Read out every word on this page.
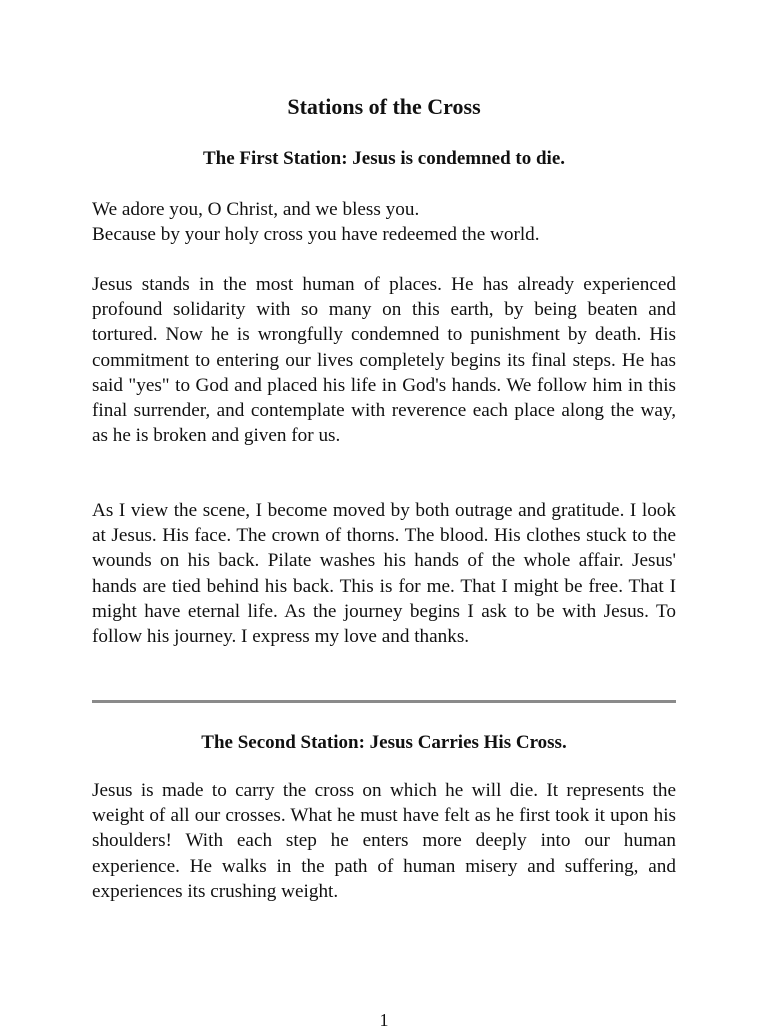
Stations of the Cross

The First Station: Jesus is condemned to die.

We adore you, O Christ, and we bless you.

Because by your holy cross you have redeemed the world.

Jesus stands in the most human of places. He has already experienced profound solidarity with so many on this earth, by being beaten and tortured. Now he is wrongfully condemned to punishment by death. His commitment to entering our lives completely begins its final steps. He has said "yes" to God and placed his life in God's hands. We follow him in this final surrender, and contemplate with reverence each place along the way, as he is broken and given for us.

As I view the scene, I become moved by both outrage and gratitude. I look at Jesus. His face. The crown of thorns. The blood. His clothes stuck to the wounds on his back. Pilate washes his hands of the whole affair. Jesus' hands are tied behind his back. This is for me. That I might be free. That I might have eternal life. As the journey begins I ask to be with Jesus. To follow his journey. I express my love and thanks.

The Second Station: Jesus Carries His Cross.

Jesus is made to carry the cross on which he will die. It represents the weight of all our crosses. What he must have felt as he first took it upon his shoulders! With each step he enters more deeply into our human experience. He walks in the path of human misery and suffering, and experiences its crushing weight.

1
